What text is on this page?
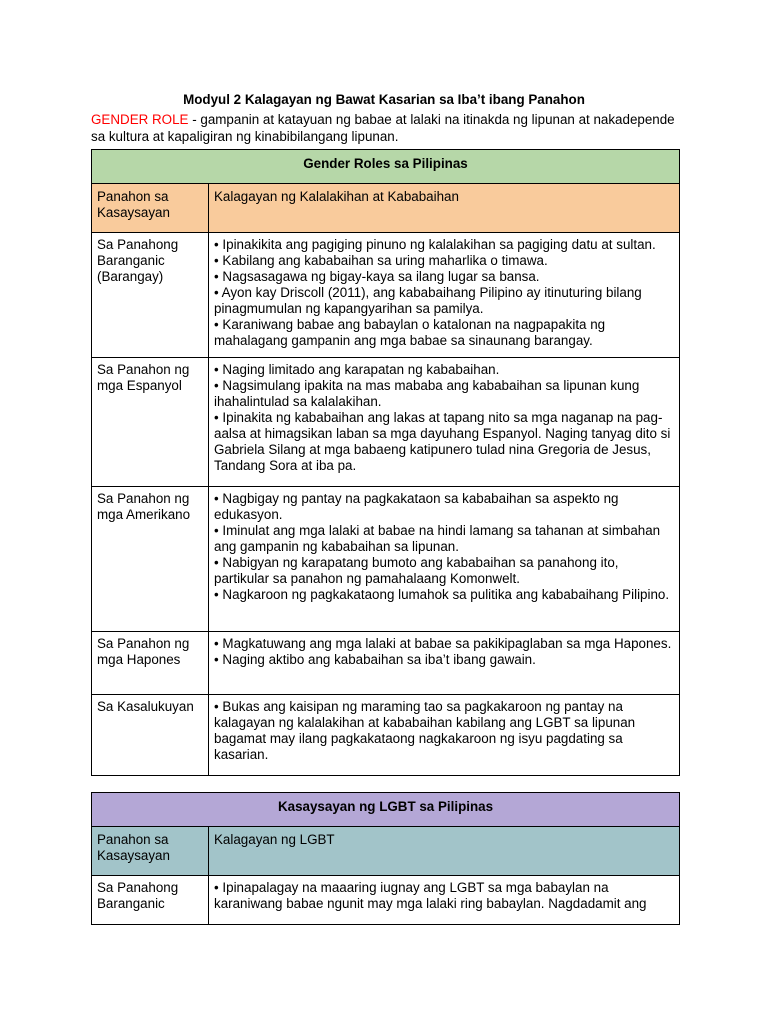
Modyul 2 Kalagayan ng Bawat Kasarian sa Iba’t ibang Panahon
GENDER ROLE - gampanin at katayuan ng babae at lalaki na itinakda ng lipunan at nakadepende sa kultura at kapaligiran ng kinabibilangang lipunan.
Gender Roles sa Pilipinas	
Panahon sa Kasaysayan	Kalagayan ng Kalalakihan at Kababaihan
Sa Panahong Baranganic (Barangay)	• Ipinakikita ang pagiging pinuno ng kalalakihan sa pagiging datu at sultan.
• Kabilang ang kababaihan sa uring maharlika o timawa.
• Nagsasagawa ng bigay-kaya sa ilang lugar sa bansa.
• Ayon kay Driscoll (2011), ang kababaihang Pilipino ay itinuturing bilang pinagmumulan ng kapangyarihan sa pamilya.
• Karaniwang babae ang babaylan o katalonan na nagpapakita ng mahalagang gampanin ang mga babae sa sinaunang barangay.

Sa Panahon ng mga Espanyol	• Naging limitado ang karapatan ng kababaihan.
• Nagsimulang ipakita na mas mababa ang kababaihan sa lipunan kung ihahalintulad sa kalalakihan.
• Ipinakita ng kababaihan ang lakas at tapang nito sa mga naganap na pag-aalsa at himagsikan laban sa mga dayuhang Espanyol. Naging tanyag dito si Gabriela Silang at mga babaeng katipunero tulad nina Gregoria de Jesus, Tandang Sora at iba pa.

Sa Panahon ng mga Amerikano	• Nagbigay ng pantay na pagkakataon sa kababaihan sa aspekto ng edukasyon.
• Iminulat ang mga lalaki at babae na hindi lamang sa tahanan at simbahan ang gampanin ng kababaihan sa lipunan.
• Nabigyan ng karapatang bumoto ang kababaihan sa panahong ito, partikular sa panahon ng pamahalaang Komonwelt.
• Nagkaroon ng pagkakataong lumahok sa pulitika ang kababaihang Pilipino.

Sa Panahon ng mga Hapones	• Magkatuwang ang mga lalaki at babae sa pakikipaglaban sa mga Hapones.
• Naging aktibo ang kababaihan sa iba’t ibang gawain.

Sa Kasalukuyan	• Bukas ang kaisipan ng maraming tao sa pagkakaroon ng pantay na kalagayan ng kalalakihan at kababaihan kabilang ang LGBT sa lipunan bagamat may ilang pagkakataong nagkakaroon ng isyu pagdating sa kasarian.
Kasaysayan ng LGBT sa Pilipinas	
Panahon sa Kasaysayan	Kalagayan ng LGBT

Sa Panahong Baranganic	• Ipinapalagay na maaaring iugnay ang LGBT sa mga babaylan na karaniwang babae ngunit may mga lalaki ring babaylan. Nagdadamit ang
